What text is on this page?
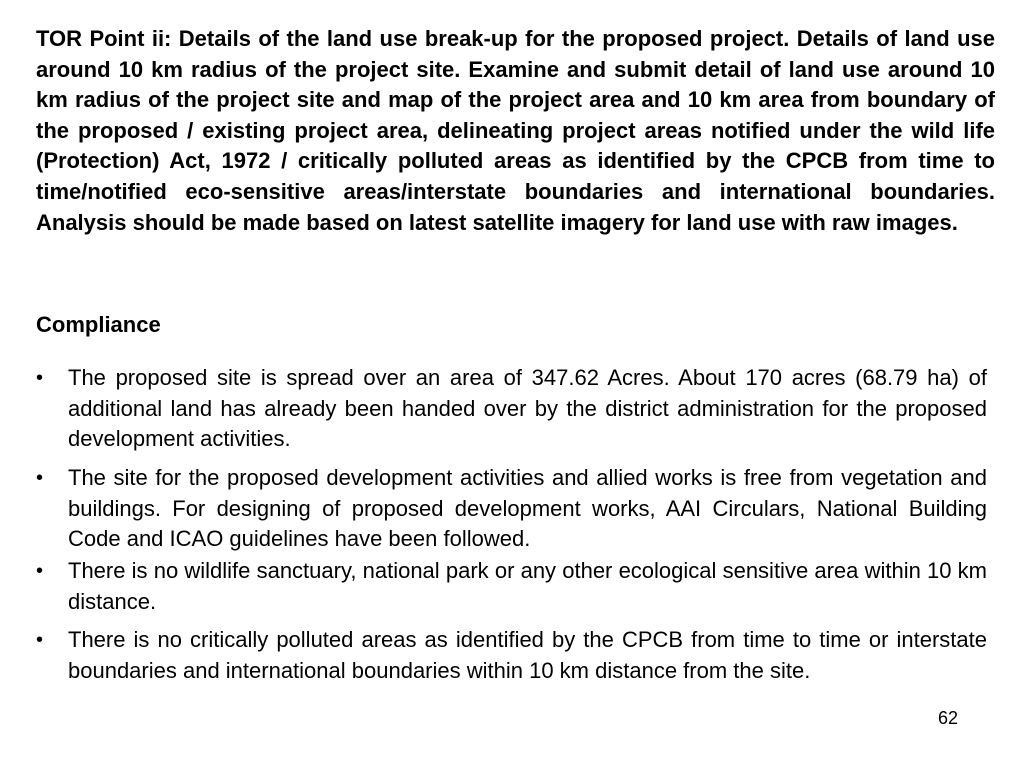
TOR Point ii: Details of the land use break-up for the proposed project. Details of land use around 10 km radius of the project site. Examine and submit detail of land use around 10 km radius of the project site and map of the project area and 10 km area from boundary of the proposed / existing project area, delineating project areas notified under the wild life (Protection) Act, 1972 / critically polluted areas as identified by the CPCB from time to time/notified eco-sensitive areas/interstate boundaries and international boundaries. Analysis should be made based on latest satellite imagery for land use with raw images.

Compliance

•	The proposed site is spread over an area of 347.62 Acres. About 170 acres (68.79 ha) of additional land has already been handed over by the district administration for the proposed development activities.
•	The site for the proposed development activities and allied works is free from vegetation and buildings. For designing of proposed development works, AAI Circulars, National Building Code and ICAO guidelines have been followed.
•	There is no wildlife sanctuary, national park or any other ecological sensitive area within 10 km distance.
•	There is no critically polluted areas as identified by the CPCB from time to time or interstate boundaries and international boundaries within 10 km distance from the site.
62
